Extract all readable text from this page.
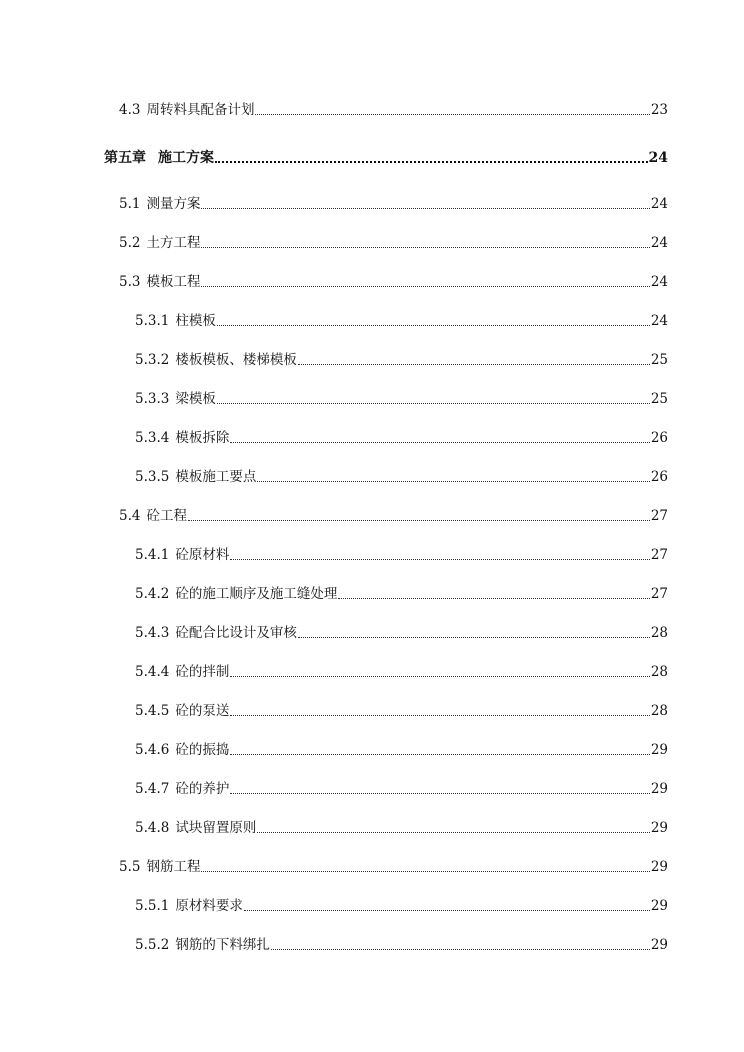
4.3 周转料具配备计划	23
第五章 施工方案	24
5.1 测量方案	24
5.2 土方工程	24
5.3 模板工程	24
5.3.1 柱模板	24
5.3.2 楼板模板、楼梯模板	25
5.3.3 梁模板	25
5.3.4 模板拆除	26
5.3.5 模板施工要点	26
5.4 砼工程	27
5.4.1 砼原材料	27
5.4.2 砼的施工顺序及施工缝处理	27
5.4.3 砼配合比设计及审核	28
5.4.4 砼的拌制	28
5.4.5 砼的泵送	28
5.4.6 砼的振捣	29
5.4.7 砼的养护	29
5.4.8 试块留置原则	29
5.5 钢筋工程	29
5.5.1 原材料要求	29
5.5.2 钢筋的下料绑扎	29
